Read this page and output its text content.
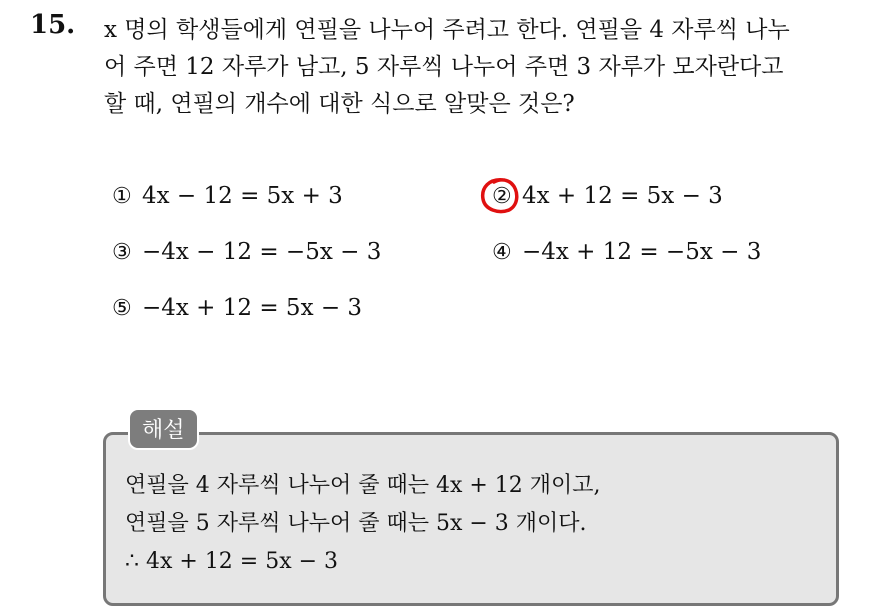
15. x 명의 학생들에게 연필을 나누어 주려고 한다. 연필을 4 자루씩 나누
어 주면 12 자루가 남고, 5 자루씩 나누어 주면 3 자루가 모자란다고
할 때, 연필의 개수에 대한 식으로 알맞은 것은?
① 4x − 12 = 5x + 3	② 4x + 12 = 5x − 3
③ −4x − 12 = −5x − 3	④ −4x + 12 = −5x − 3
⑤ −4x + 12 = 5x − 3
해설
연필을 4 자루씩 나누어 줄 때는 4x + 12 개이고,
연필을 5 자루씩 나누어 줄 때는 5x − 3 개이다.
∴ 4x + 12 = 5x − 3
